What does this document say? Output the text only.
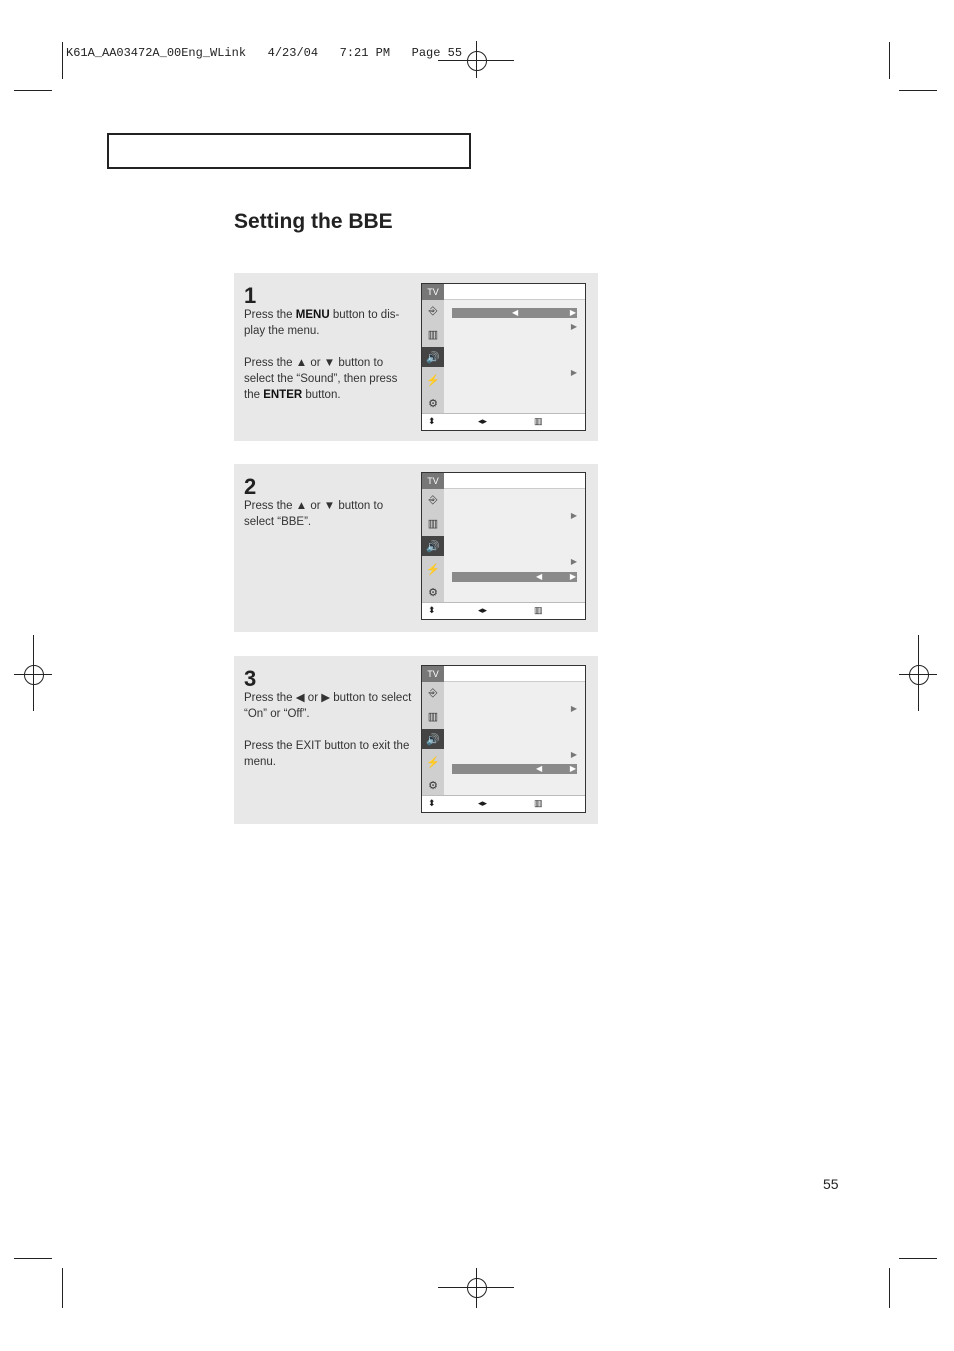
K61A_AA03472A_00Eng_WLink   4/23/04   7:21 PM   Page 55
Setting the BBE
1

Press the MENU button to dis-play the menu.

Press the ▲ or ▼ button to select the “Sound”, then press the ENTER button.

TV
⎆
▥
🔊
⚡
⚙
◀	▶
▶
▶
⬍	◂▸	▥
2

Press the ▲ or ▼ button to select “BBE”.

TV
⎆
▥
🔊
⚡
⚙
▶
▶
◀	▶
⬍	◂▸	▥
3

Press the ◀ or ▶ button to select “On” or “Off”.

Press the EXIT button to exit the menu.

TV
⎆
▥
🔊
⚡
⚙
▶
▶
◀	▶
⬍	◂▸	▥
55
